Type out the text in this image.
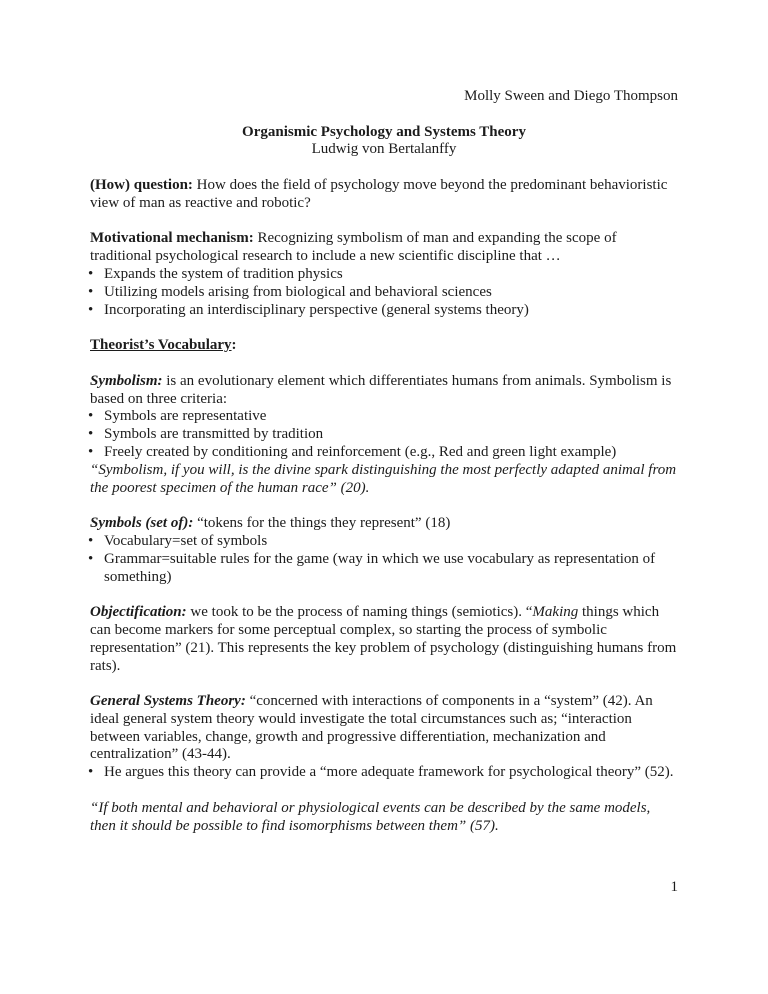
Molly Sween and Diego Thompson

Organismic Psychology and Systems Theory

Ludwig von Bertalanffy

(How) question: How does the field of psychology move beyond the predominant behavioristic view of man as reactive and robotic?

Motivational mechanism: Recognizing symbolism of man and expanding the scope of traditional psychological research to include a new scientific discipline that …

• Expands the system of tradition physics
• Utilizing models arising from biological and behavioral sciences
• Incorporating an interdisciplinary perspective (general systems theory)

Theorist’s Vocabulary:

Symbolism: is an evolutionary element which differentiates humans from animals. Symbolism is based on three criteria:

• Symbols are representative
• Symbols are transmitted by tradition
• Freely created by conditioning and reinforcement (e.g., Red and green light example)

“Symbolism, if you will, is the divine spark distinguishing the most perfectly adapted animal from the poorest specimen of the human race” (20).

Symbols (set of): “tokens for the things they represent” (18)

• Vocabulary=set of symbols
• Grammar=suitable rules for the game (way in which we use vocabulary as representation of something)

Objectification: we took to be the process of naming things (semiotics). “Making things which can become markers for some perceptual complex, so starting the process of symbolic representation” (21). This represents the key problem of psychology (distinguishing humans from rats).

General Systems Theory: “concerned with interactions of components in a “system” (42). An ideal general system theory would investigate the total circumstances such as; “interaction between variables, change, growth and progressive differentiation, mechanization and centralization” (43-44).

• He argues this theory can provide a “more adequate framework for psychological theory” (52).

“If both mental and behavioral or physiological events can be described by the same models, then it should be possible to find isomorphisms between them” (57).

1
